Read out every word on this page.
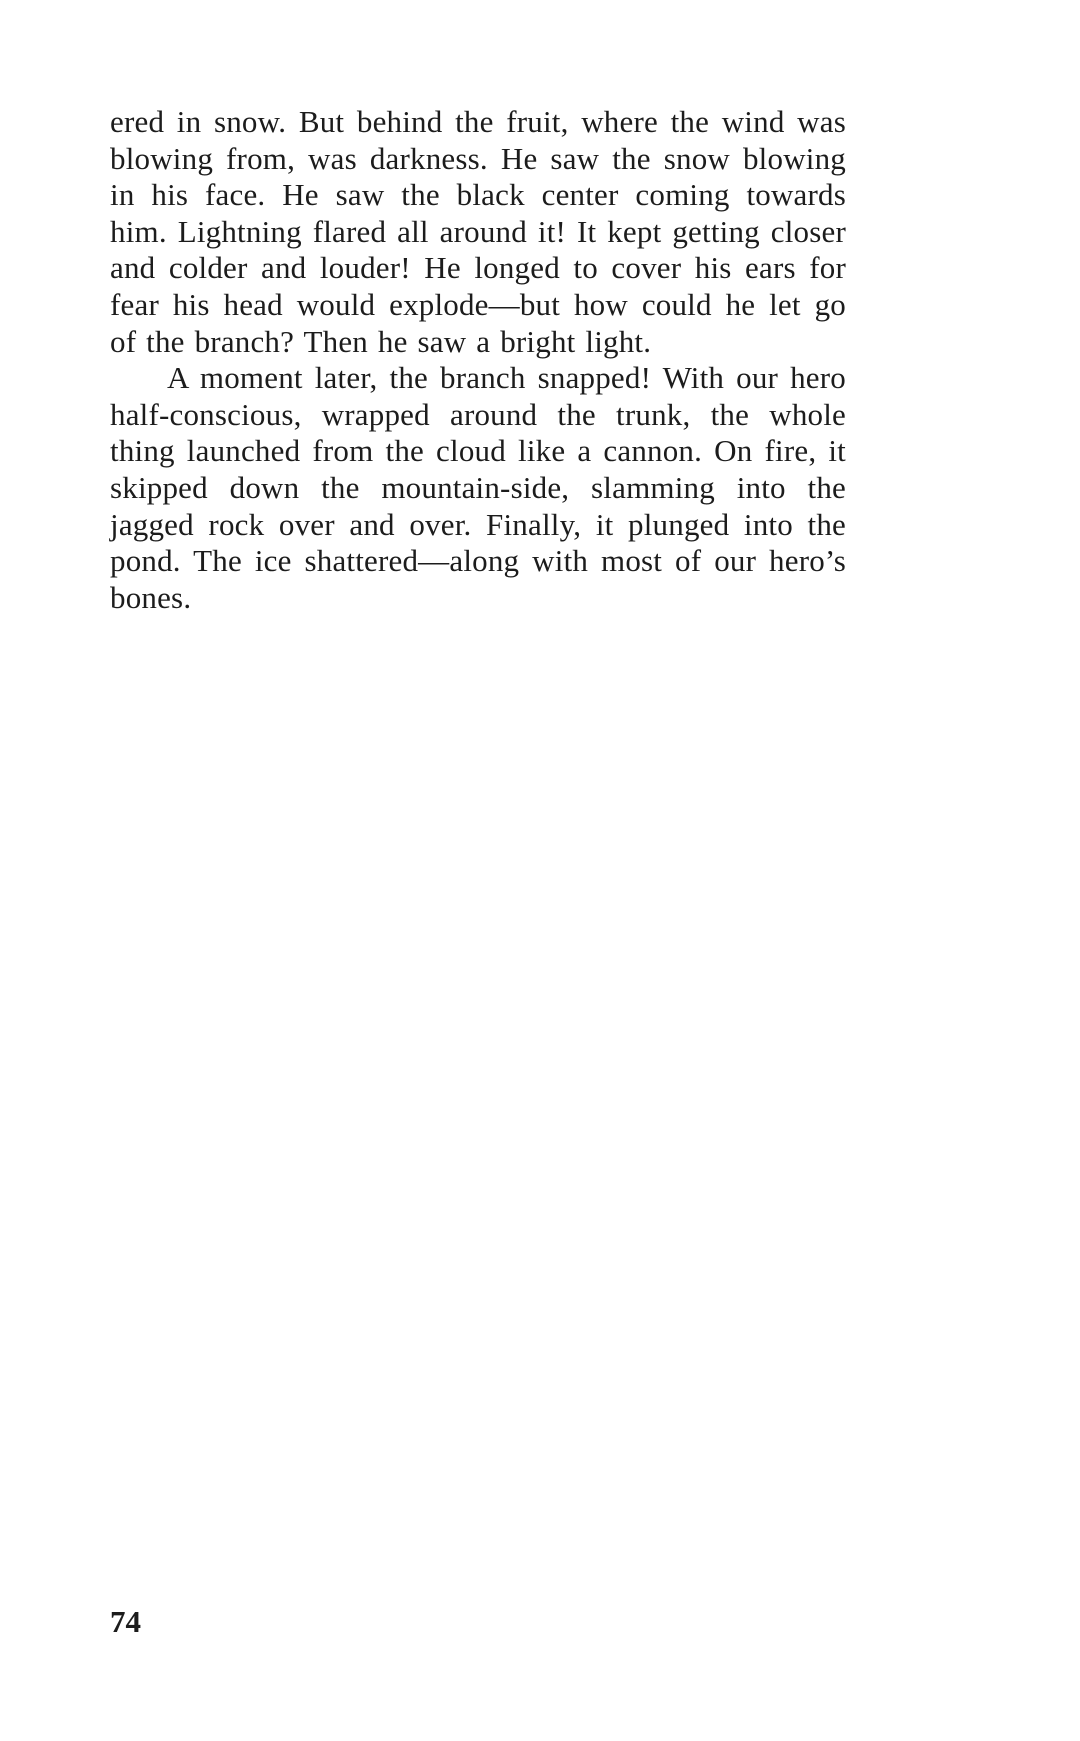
ered in snow. But behind the fruit, where the wind was blowing from, was darkness. He saw the snow blowing in his face. He saw the black center coming towards him. Lightning flared all around it! It kept getting closer and colder and louder! He longed to cover his ears for fear his head would explode—but how could he let go of the branch? Then he saw a bright light.

A moment later, the branch snapped! With our hero half-conscious, wrapped around the trunk, the whole thing launched from the cloud like a cannon. On fire, it skipped down the mountain-side, slamming into the jagged rock over and over. Finally, it plunged into the pond. The ice shattered—along with most of our hero’s bones.

74
